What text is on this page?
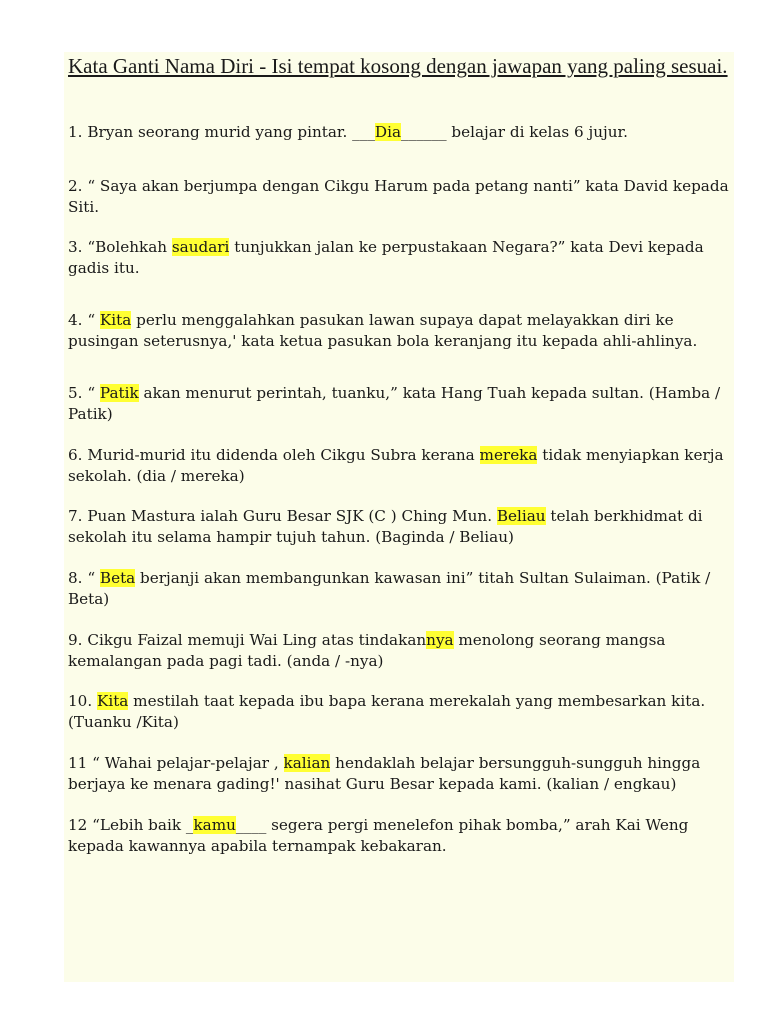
Kata Ganti Nama Diri - Isi tempat kosong dengan jawapan yang paling sesuai.
1. Bryan seorang murid yang pintar. ___Dia______ belajar di kelas 6 jujur.
2. “ Saya akan berjumpa dengan Cikgu Harum pada petang nanti” kata David kepada Siti.
3. “Bolehkah saudari tunjukkan jalan ke perpustakaan Negara?” kata Devi kepada gadis itu.
4. “ Kita perlu menggalahkan pasukan lawan supaya dapat melayakkan diri ke pusingan seterusnya,' kata ketua pasukan bola keranjang itu kepada ahli-ahlinya.
5. “ Patik akan menurut perintah, tuanku,” kata Hang Tuah kepada sultan. (Hamba / Patik)
6. Murid-murid itu didenda oleh Cikgu Subra kerana mereka tidak menyiapkan kerja sekolah. (dia / mereka)
7. Puan Mastura ialah Guru Besar SJK (C ) Ching Mun. Beliau telah berkhidmat di sekolah itu selama hampir tujuh tahun. (Baginda / Beliau)
8. “ Beta berjanji akan membangunkan kawasan ini” titah Sultan Sulaiman. (Patik / Beta)
9. Cikgu Faizal memuji Wai Ling atas tindakannya menolong seorang mangsa kemalangan pada pagi tadi. (anda / -nya)
10. Kita mestilah taat kepada ibu bapa kerana merekalah yang membesarkan kita. (Tuanku /Kita)
11 “ Wahai pelajar-pelajar , kalian hendaklah belajar bersungguh-sungguh hingga berjaya ke menara gading!' nasihat Guru Besar kepada kami. (kalian / engkau)
12 “Lebih baik _kamu____ segera pergi menelefon pihak bomba,” arah Kai Weng kepada kawannya apabila ternampak kebakaran.
